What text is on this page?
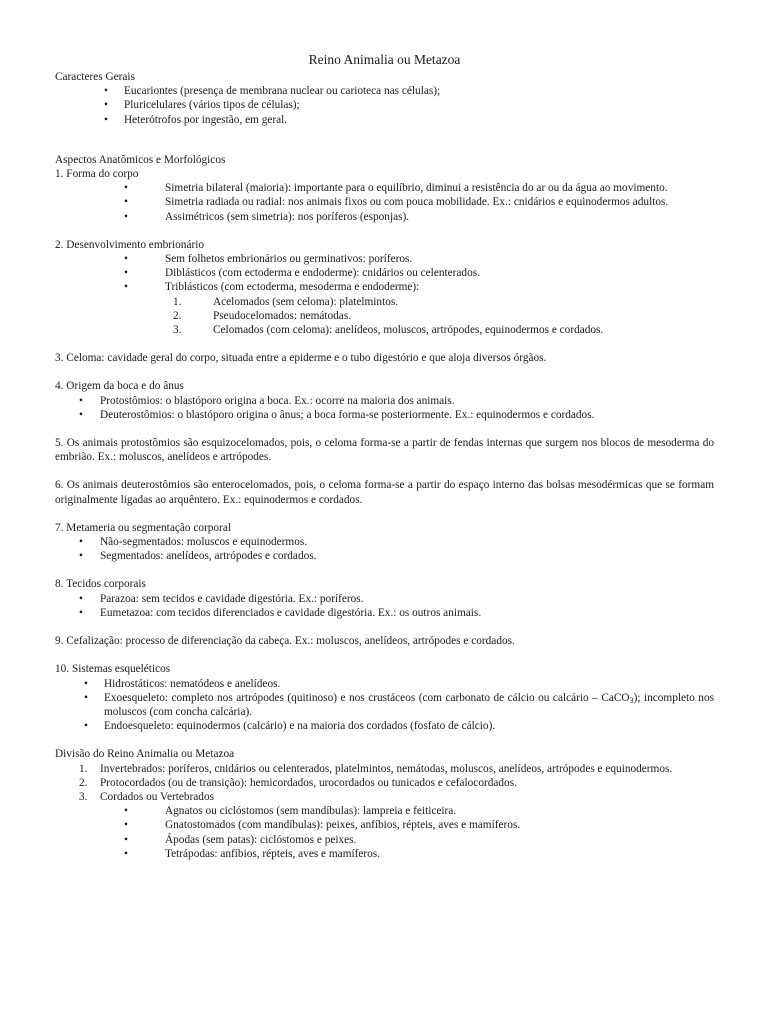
Reino Animalia ou Metazoa

Caracteres Gerais

• Eucariontes (presença de membrana nuclear ou carioteca nas células);
• Pluricelulares (vários tipos de células);
• Heterótrofos por ingestão, em geral.

Aspectos Anatômicos e Morfológicos

1. Forma do corpo

• Simetria bilateral (maioria): importante para o equilíbrio, diminui a resistência do ar ou da água ao movimento.
• Simetria radiada ou radial: nos animais fixos ou com pouca mobilidade. Ex.: cnidários e equinodermos adultos.
• Assimétricos (sem simetria): nos poríferos (esponjas).

2. Desenvolvimento embrionário

• Sem folhetos embrionários ou germinativos: poríferos.
• Diblásticos (com ectoderma e endoderme): cnidários ou celenterados.
• Triblásticos (com ectoderma, mesoderma e endoderme):
1.	Acelomados (sem celoma): platelmintos.
2.	Pseudocelomados: nemátodas.
3.	Celomados (com celoma): anelídeos, moluscos, artrópodes, equinodermos e cordados.

3. Celoma: cavidade geral do corpo, situada entre a epiderme e o tubo digestório e que aloja diversos órgãos.

4. Origem da boca e do ânus

• Protostômios: o blastóporo origina a boca. Ex.: ocorre na maioria dos animais.
• Deuterostômios: o blastóporo origina o ânus; a boca forma-se posteriormente. Ex.: equinodermos e cordados.

5. Os animais protostômios são esquizocelomados, pois, o celoma forma-se a partir de fendas internas que surgem nos blocos de mesoderma do embrião. Ex.: moluscos, anelídeos e artrópodes.

6. Os animais deuterostômios são enterocelomados, pois, o celoma forma-se a partir do espaço interno das bolsas mesodérmicas que se formam originalmente ligadas ao arquêntero. Ex.: equinodermos e cordados.

7. Metameria ou segmentação corporal

• Não-segmentados: moluscos e equinodermos.
• Segmentados: anelídeos, artrópodes e cordados.

8. Tecidos corporais

• Parazoa: sem tecidos e cavidade digestória. Ex.: poríferos.
• Eumetazoa: com tecidos diferenciados e cavidade digestória. Ex.: os outros animais.

9. Cefalização: processo de diferenciação da cabeça. Ex.: moluscos, anelídeos, artrópodes e cordados.

10. Sistemas esqueléticos

• Hidrostáticos: nematódeos e anelídeos.
• Exoesqueleto: completo nos artrópodes (quitinoso) e nos crustáceos (com carbonato de cálcio ou calcário – CaCO$_3$); incompleto nos moluscos (com concha calcária).
• Endoesqueleto: equinodermos (calcário) e na maioria dos cordados (fosfato de cálcio).

Divisão do Reino Animalia ou Metazoa

1. Invertebrados: poríferos, cnidários ou celenterados, platelmintos, nemátodas, moluscos, anelídeos, artrópodes e equinodermos.
2. Protocordados (ou de transição): hemicordados, urocordados ou tunicados e cefalocordados.
3. Cordados ou Vertebrados
• Agnatos ou ciclóstomos (sem mandíbulas): lampreia e feiticeira.
• Gnatostomados (com mandíbulas): peixes, anfíbios, répteis, aves e mamíferos.
• Ápodas (sem patas): ciclóstomos e peixes.
• Tetrápodas: anfíbios, répteis, aves e mamíferos.
